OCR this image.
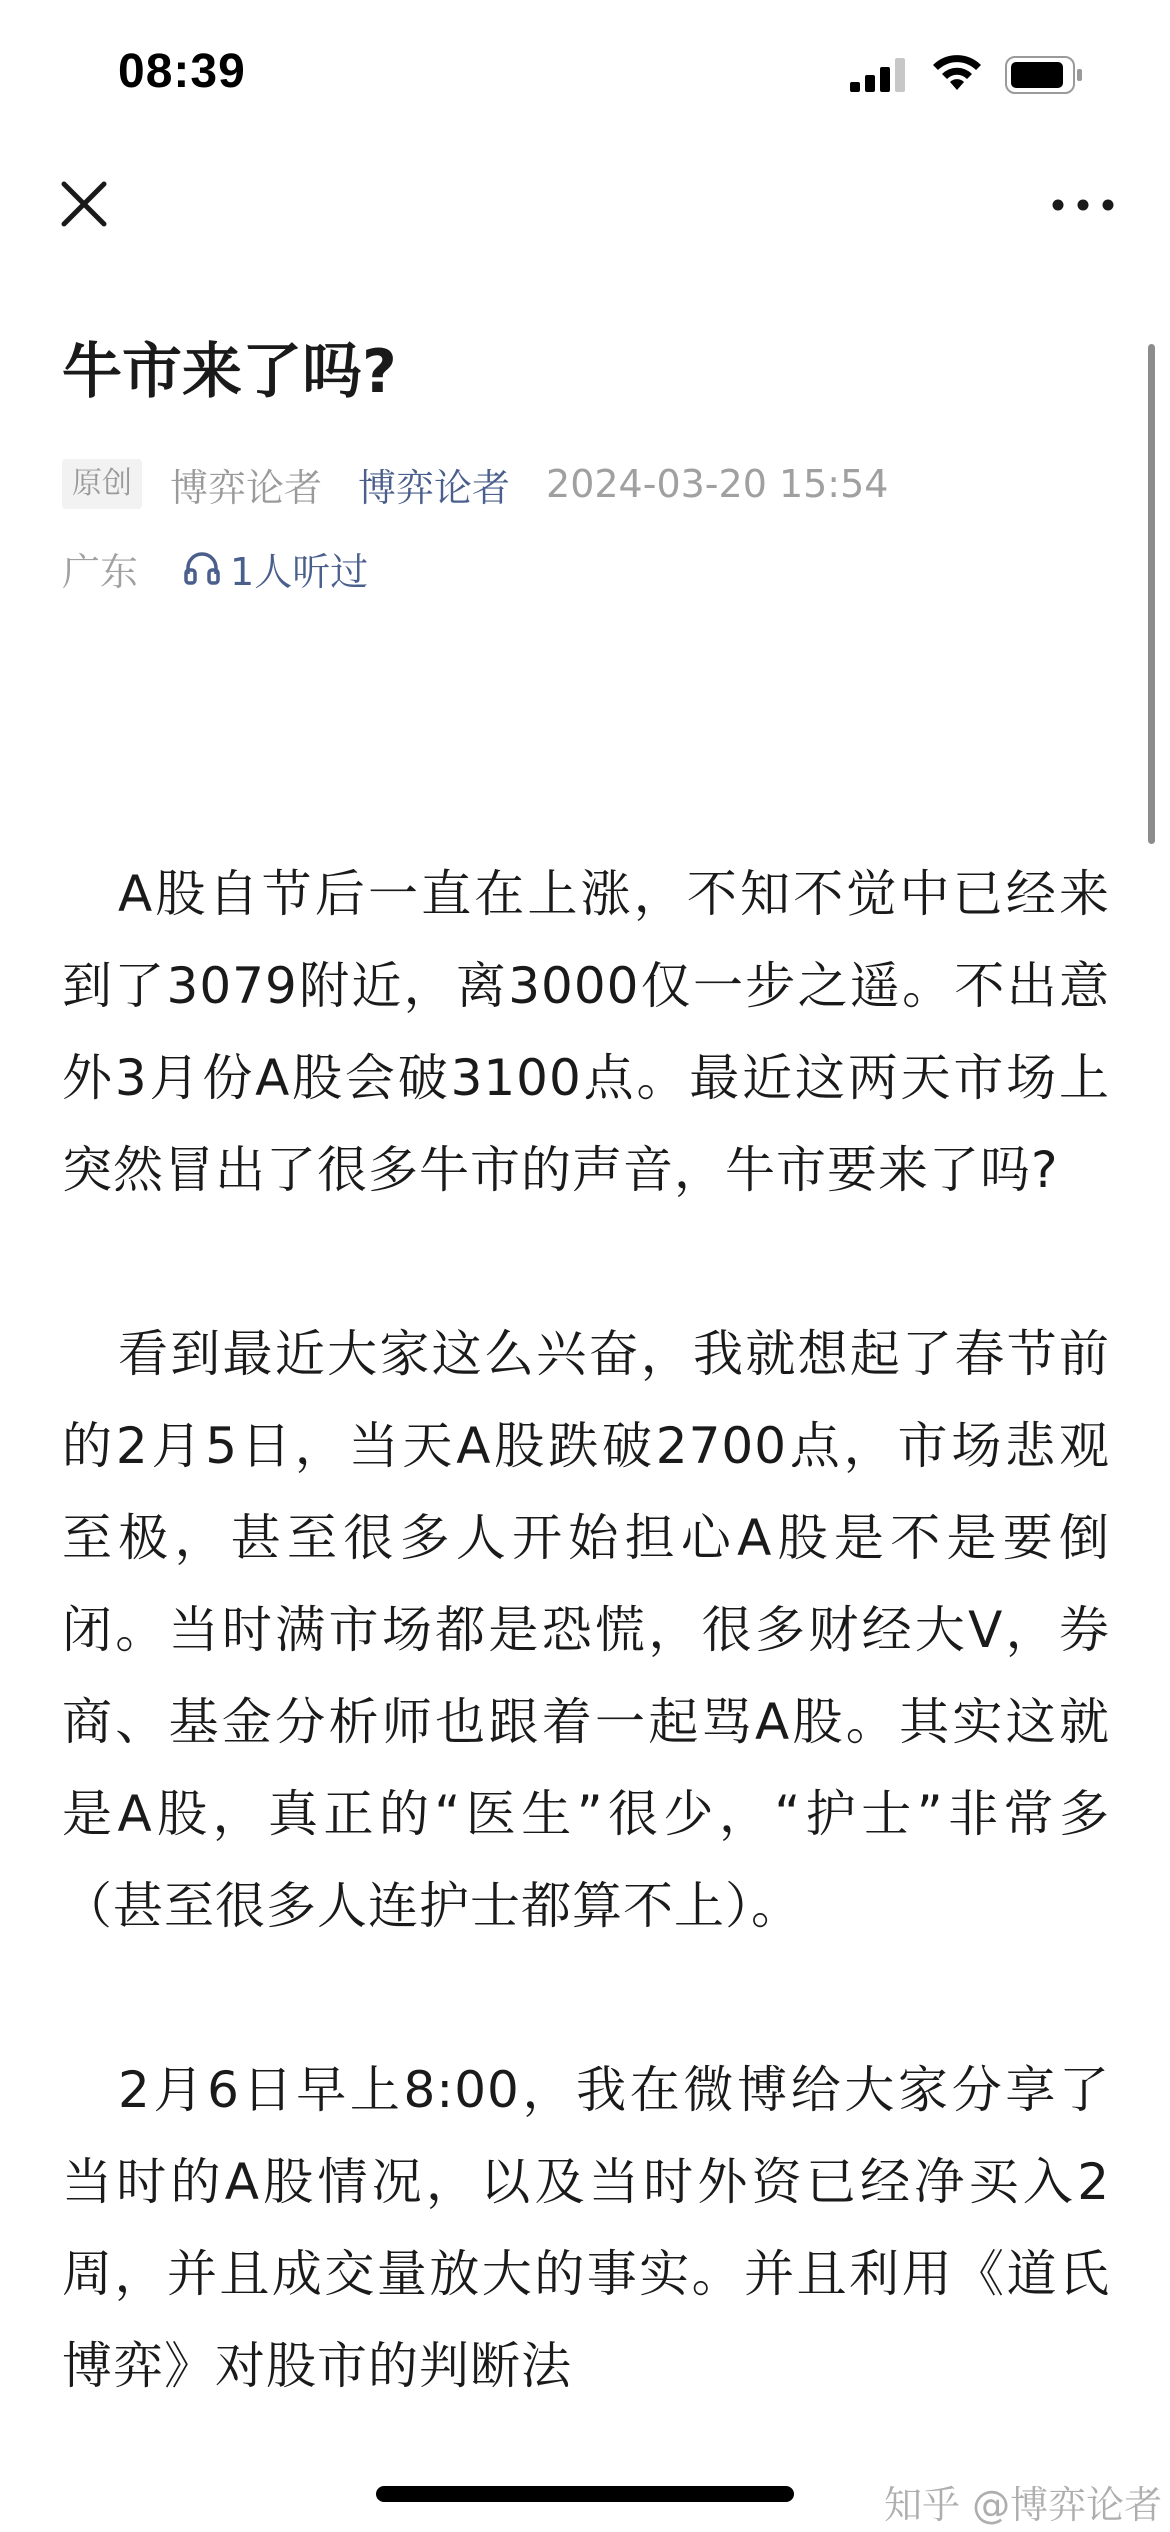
08:39
牛市来了吗?
原创 博弈论者 博弈论者 2024-03-20 15:54
广东 1人听过

A股自节后一直在上涨，不知不觉中已经来到了3079附近，离3000仅一步之遥。不出意外3月份A股会破3100点。最近这两天市场上突然冒出了很多牛市的声音，牛市要来了吗?

看到最近大家这么兴奋，我就想起了春节前的2月5日，当天A股跌破2700点，市场悲观至极，甚至很多人开始担心A股是不是要倒闭。当时满市场都是恐慌，很多财经大V，券商、基金分析师也跟着一起骂A股。其实这就是A股，真正的“医生”很少，“护士”非常多（甚至很多人连护士都算不上）。

2月6日早上8:00，我在微博给大家分享了当时的A股情况，以及当时外资已经净买入2周，并且成交量放大的事实。并且利用《道氏博弈》对股市的判断法

知乎 @博弈论者
